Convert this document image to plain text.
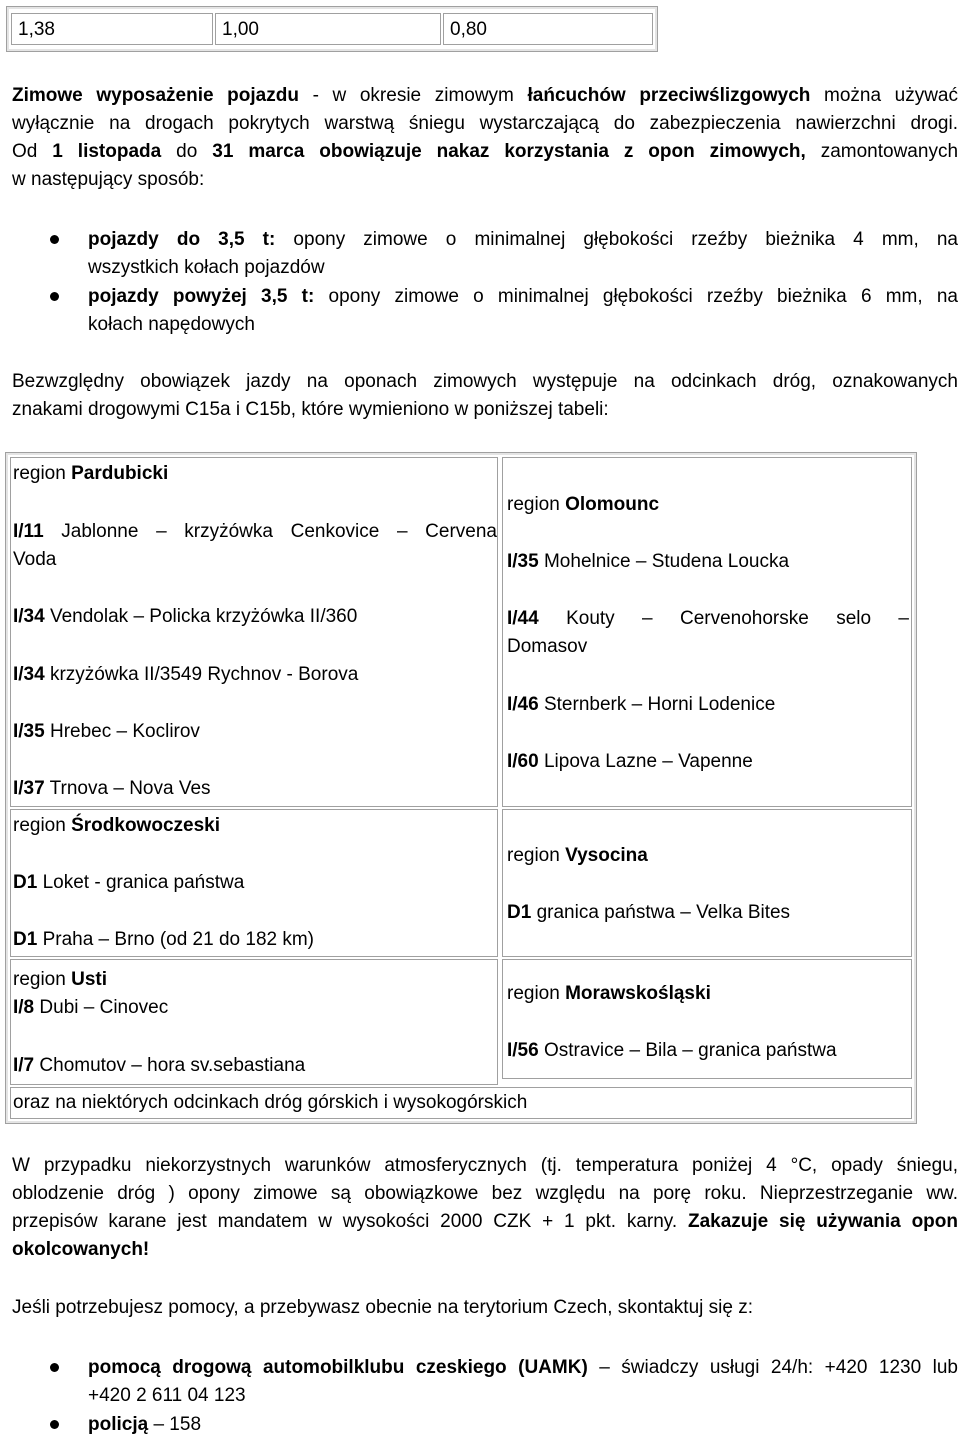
1,38	1,00	0,80
Zimowe wyposażenie pojazdu - w okresie zimowym łańcuchów przeciwślizgowych można używać
wyłącznie na drogach pokrytych warstwą śniegu wystarczającą do zabezpieczenia nawierzchni drogi.
Od 1 listopada do 31 marca obowiązuje nakaz korzystania z opon zimowych, zamontowanych
w następujący sposób:
pojazdy do 3,5 t: opony zimowe o minimalnej głębokości rzeźby bieżnika 4 mm, na
wszystkich kołach pojazdów
pojazdy powyżej 3,5 t: opony zimowe o minimalnej głębokości rzeźby bieżnika 6 mm, na
kołach napędowych
Bezwzględny obowiązek jazdy na oponach zimowych występuje na odcinkach dróg, oznakowanych
znakami drogowymi C15a i C15b, które wymieniono w poniższej tabeli:
region Pardubicki
I/11 Jablonne – krzyżówka Cenkovice – Cervena
Voda
I/34 Vendolak – Policka krzyżówka II/360
I/34 krzyżówka II/3549 Rychnov - Borova
I/35 Hrebec – Koclirov
I/37 Trnova – Nova Ves
region Środkowoczeski
D1 Loket - granica państwa
D1 Praha – Brno (od 21 do 182 km)
region Usti
I/8 Dubi – Cinovec
I/7 Chomutov – hora sv.sebastiana
region Olomounc
I/35 Mohelnice – Studena Loucka
I/44 Kouty – Cervenohorske selo –
Domasov
I/46 Sternberk – Horni Lodenice
I/60 Lipova Lazne – Vapenne
region Vysocina
D1 granica państwa – Velka Bites
region Morawskośląski
I/56 Ostravice – Bila – granica państwa
oraz na niektórych odcinkach dróg górskich i wysokogórskich
W przypadku niekorzystnych warunków atmosferycznych (tj. temperatura poniżej 4 °C, opady śniegu,
oblodzenie dróg ) opony zimowe są obowiązkowe bez względu na porę roku. Nieprzestrzeganie ww.
przepisów karane jest mandatem w wysokości 2000 CZK + 1 pkt. karny. Zakazuje się używania opon
okolcowanych!
Jeśli potrzebujesz pomocy, a przebywasz obecnie na terytorium Czech, skontaktuj się z:
pomocą drogową automobilklubu czeskiego (UAMK) – świadczy usługi 24/h: +420 1230 lub
+420 2 611 04 123
policją – 158
